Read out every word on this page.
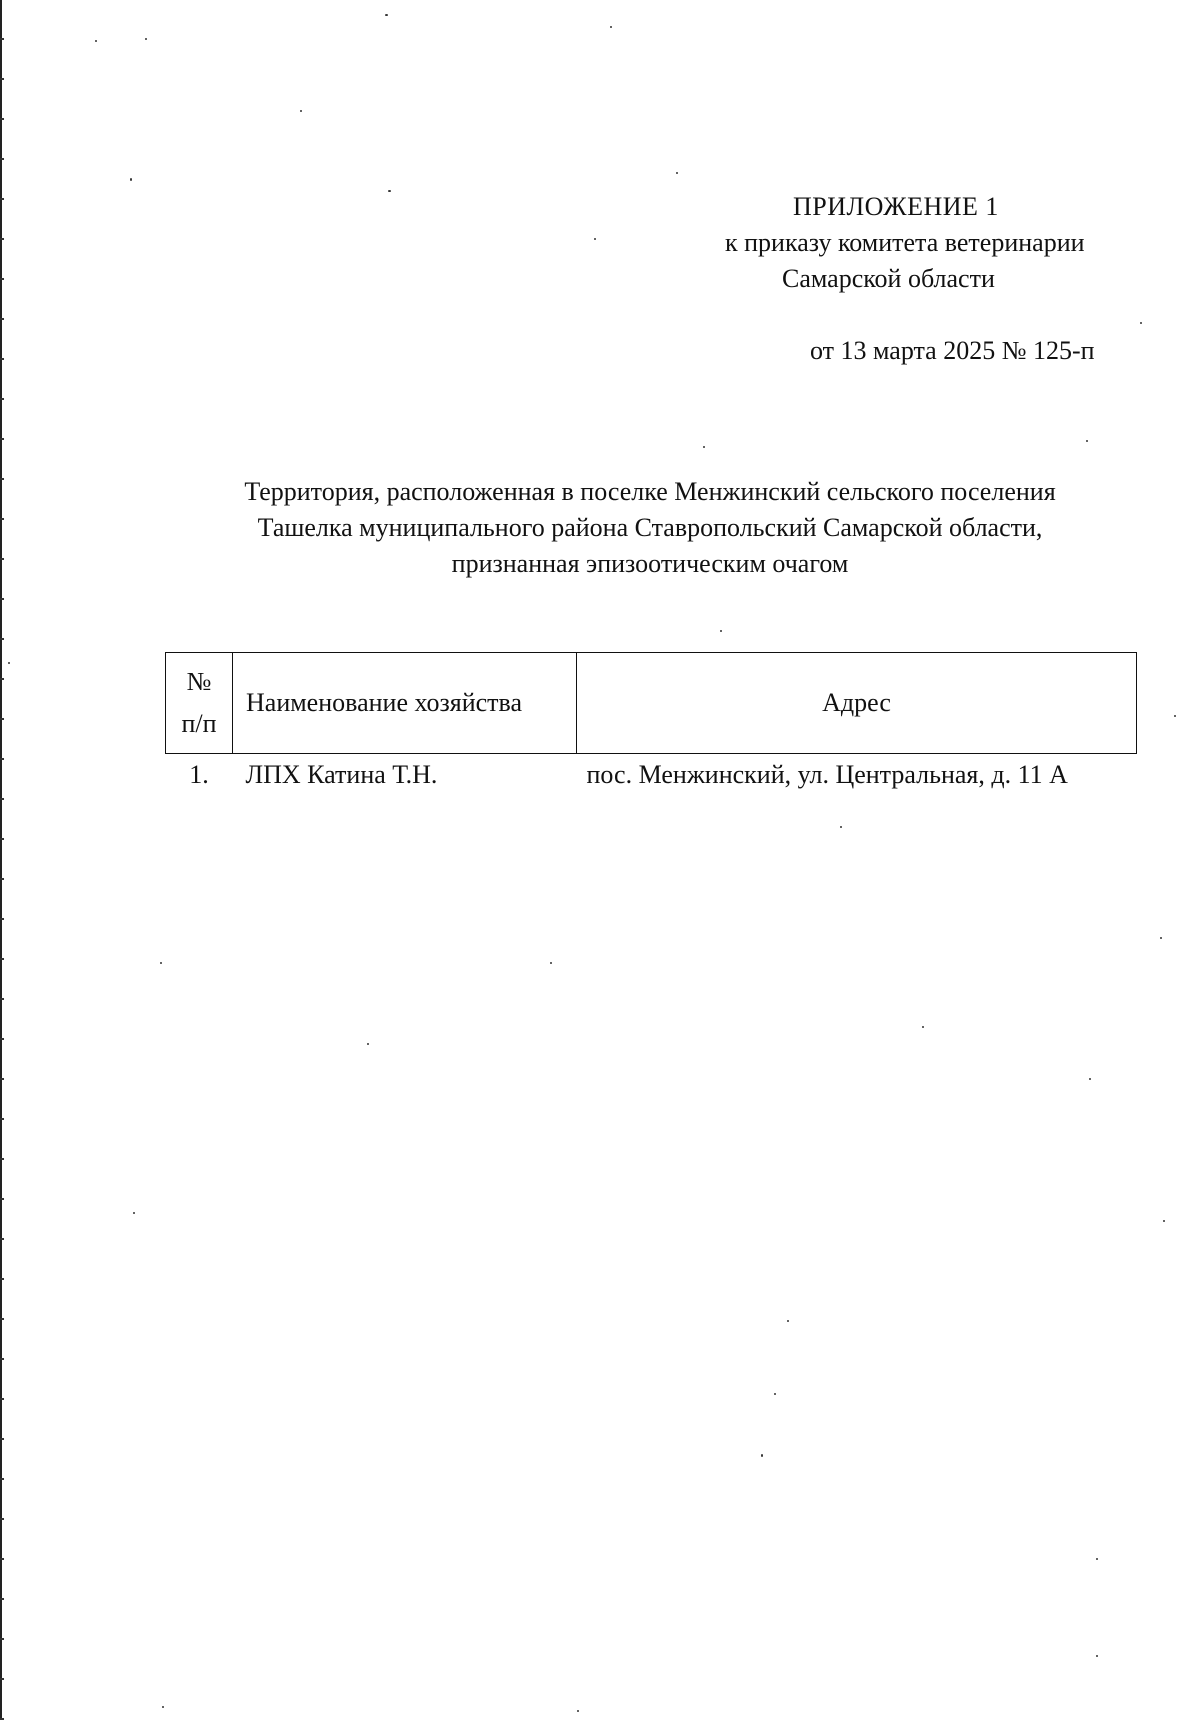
ПРИЛОЖЕНИЕ 1
к приказу комитета ветеринарии
Самарской области
от 13 марта 2025 № 125-п
Территория, расположенная в поселке Менжинский сельского поселения
Ташелка муниципального района Ставропольский Самарской области,
признанная эпизоотическим очагом
№
п/п	Наименование хозяйства	Адрес
1.	ЛПХ Катина Т.Н.	пос. Менжинский, ул. Центральная, д. 11 А
